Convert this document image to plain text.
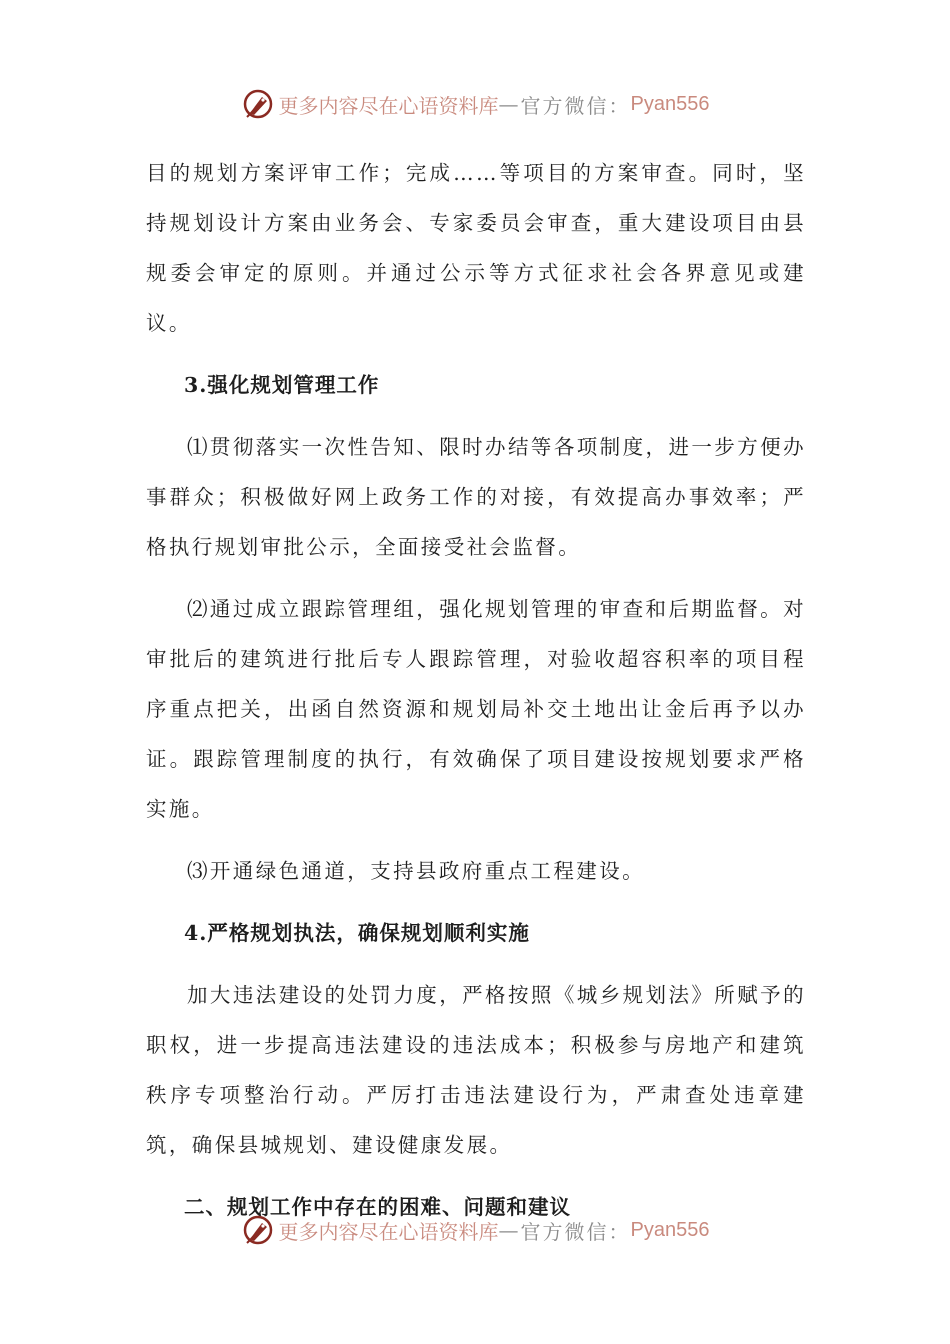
更多内容尽在心语资料库 — 官方微信： Pyan556

目的规划方案评审工作；完成……等项目的方案审查。同时，坚持规划设计方案由业务会、专家委员会审查，重大建设项目由县规委会审定的原则。并通过公示等方式征求社会各界意见或建议。

3.强化规划管理工作

⑴贯彻落实一次性告知、限时办结等各项制度，进一步方便办事群众；积极做好网上政务工作的对接，有效提高办事效率；严格执行规划审批公示，全面接受社会监督。

⑵通过成立跟踪管理组，强化规划管理的审查和后期监督。对审批后的建筑进行批后专人跟踪管理，对验收超容积率的项目程序重点把关，出函自然资源和规划局补交土地出让金后再予以办证。跟踪管理制度的执行，有效确保了项目建设按规划要求严格实施。

⑶开通绿色通道，支持县政府重点工程建设。

4.严格规划执法，确保规划顺利实施

加大违法建设的处罚力度，严格按照《城乡规划法》所赋予的职权，进一步提高违法建设的违法成本；积极参与房地产和建筑秩序专项整治行动。严厉打击违法建设行为，严肃查处违章建筑，确保县城规划、建设健康发展。

二、规划工作中存在的困难、问题和建议
更多内容尽在心语资料库 — 官方微信： Pyan556
